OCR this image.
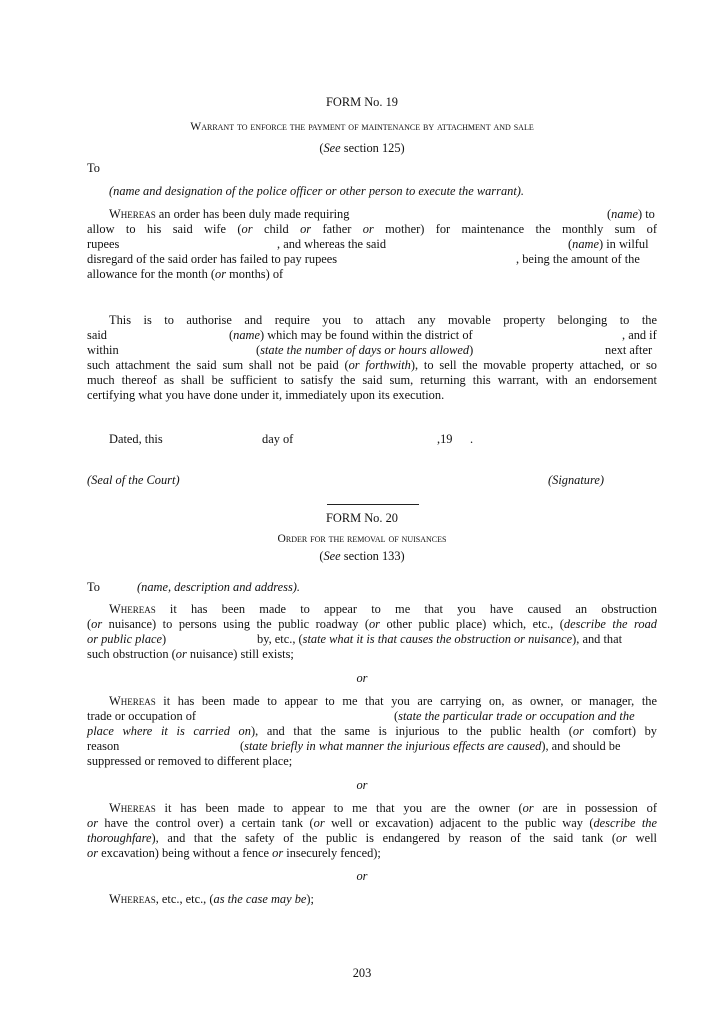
FORM No. 19
Warrant to enforce the payment of maintenance by attachment and sale
(See section 125)
To
(name and designation of the police officer or other person to execute the warrant).
Whereas an order has been duly made requiring	(name) to
allow to his said wife (or child or father or mother) for maintenance the monthly sum of
rupees	, and whereas the said	(name) in wilful
disregard of the said order has failed to pay rupees	, being the amount of the
allowance for the month (or months) of
This is to authorise and require you to attach any movable property belonging to the
said	(name) which may be found within the district of	, and if
within	(state the number of days or hours allowed)	next after
such attachment the said sum shall not be paid (or forthwith), to sell the movable property attached, or so
much thereof as shall be sufficient to satisfy the said sum, returning this warrant, with an endorsement
certifying what you have done under it, immediately upon its execution.
Dated, this	day of	,19 .
(Seal of the Court)	(Signature)
FORM No. 20
Order for the removal of nuisances
(See section 133)
To	(name, description and address).
Whereas it has been made to appear to me that you have caused an obstruction
(or nuisance) to persons using the public roadway (or other public place) which, etc., (describe the road
or public place)	by, etc., (state what it is that causes the obstruction or nuisance), and that
such obstruction (or nuisance) still exists;
or
Whereas it has been made to appear to me that you are carrying on, as owner, or manager, the
trade or occupation of	(state the particular trade or occupation and the
place where it is carried on), and that the same is injurious to the public health (or comfort) by
reason	(state briefly in what manner the injurious effects are caused), and should be
suppressed or removed to different place;
or
Whereas it has been made to appear to me that you are the owner (or are in possession of
or have the control over) a certain tank (or well or excavation) adjacent to the public way (describe the
thoroughfare), and that the safety of the public is endangered by reason of the said tank (or well
or excavation) being without a fence or insecurely fenced);
or
Whereas, etc., etc., (as the case may be);
203
